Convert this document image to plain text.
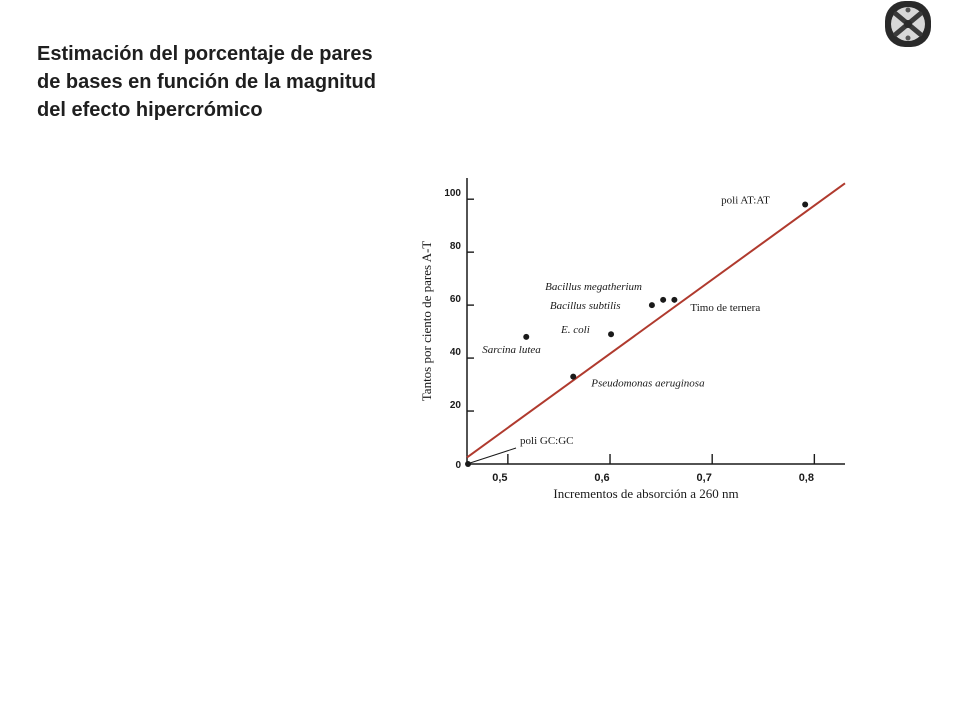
Estimación del porcentaje de pares
de bases en función de la magnitud
del efecto hipercrómico
0,5	0,6	0,7	0,8
0
20
40
60
80
100
poli GC:GC
Sarcina lutea
Pseudomonas aeruginosa
E. coli
Bacillus subtilis
Bacillus megatherium
Timo de ternera
poli AT:AT
Incrementos de absorción a 260 nm
Tantos por ciento de pares A-T
